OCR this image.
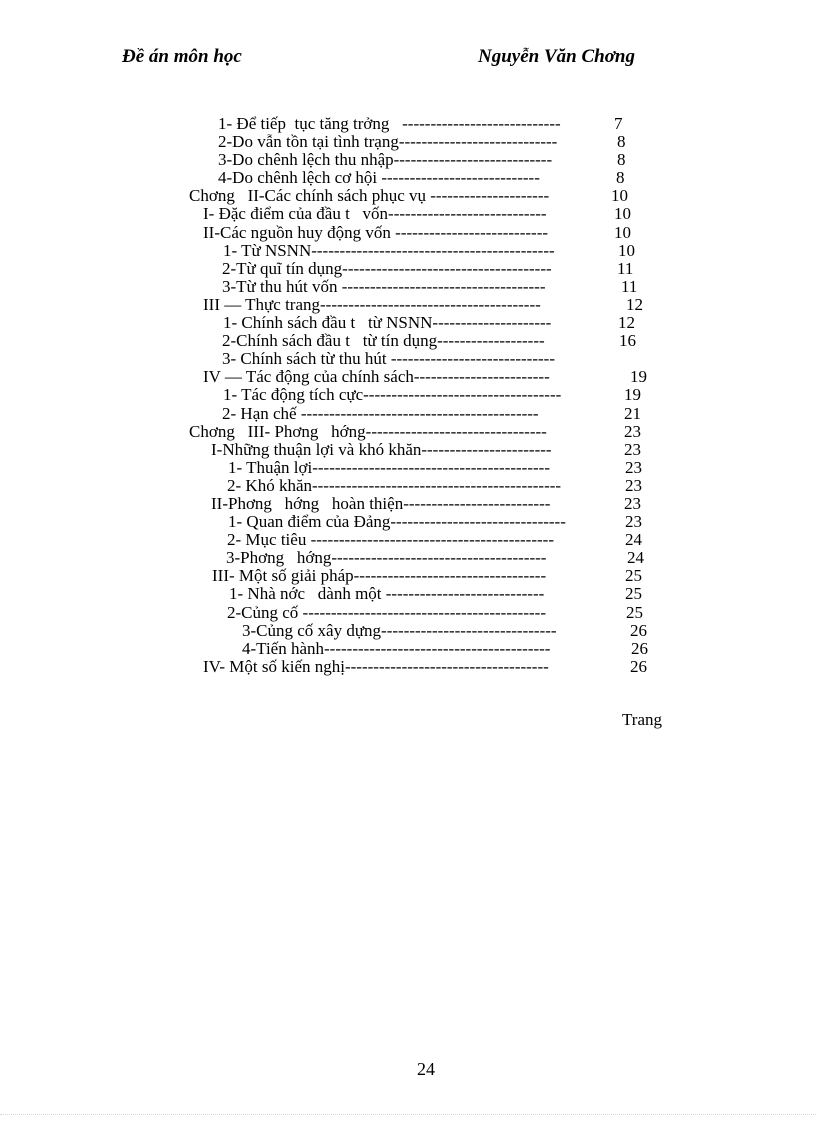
Đề án môn học	Nguyễn Văn Chơng
1- Để tiếp  tục tăng trởng   ----------------------------	7
2-Do vẫn tồn tại tình trạng----------------------------	8
3-Do chênh lệch thu nhập----------------------------	8
4-Do chênh lệch cơ hội ----------------------------	8
Chơng   II-Các chính sách phục vụ ---------------------	10
I- Đặc điểm của đầu t   vốn----------------------------	10
II-Các nguồn huy động vốn ---------------------------	10
1- Từ NSNN-------------------------------------------	10
2-Từ quĩ tín dụng-------------------------------------	11
3-Từ thu hút vốn ------------------------------------	11
III — Thực trang---------------------------------------	12
1- Chính sách đầu t   từ NSNN---------------------	12
2-Chính sách đầu t   từ tín dụng-------------------	16
3- Chính sách từ thu hút -----------------------------
IV — Tác động của chính sách------------------------	19
1- Tác động tích cực-----------------------------------	19
2- Hạn chế ------------------------------------------	21
Chơng   III- Phơng   hớng--------------------------------	23
I-Những thuận lợi và khó khăn-----------------------	23
1- Thuận lợi------------------------------------------	23
2- Khó khăn--------------------------------------------	23
II-Phơng   hớng   hoàn thiện--------------------------	23
1- Quan điểm của Đảng-------------------------------	23
2- Mục tiêu -------------------------------------------	24
3-Phơng   hớng--------------------------------------	24
III- Một số giải pháp----------------------------------	25
1- Nhà nớc   dành một ----------------------------	25
2-Củng cố -------------------------------------------	25
3-Củng cố xây dựng-------------------------------	26
4-Tiến hành----------------------------------------	26
IV- Một số kiến nghị------------------------------------	26
Trang
24
